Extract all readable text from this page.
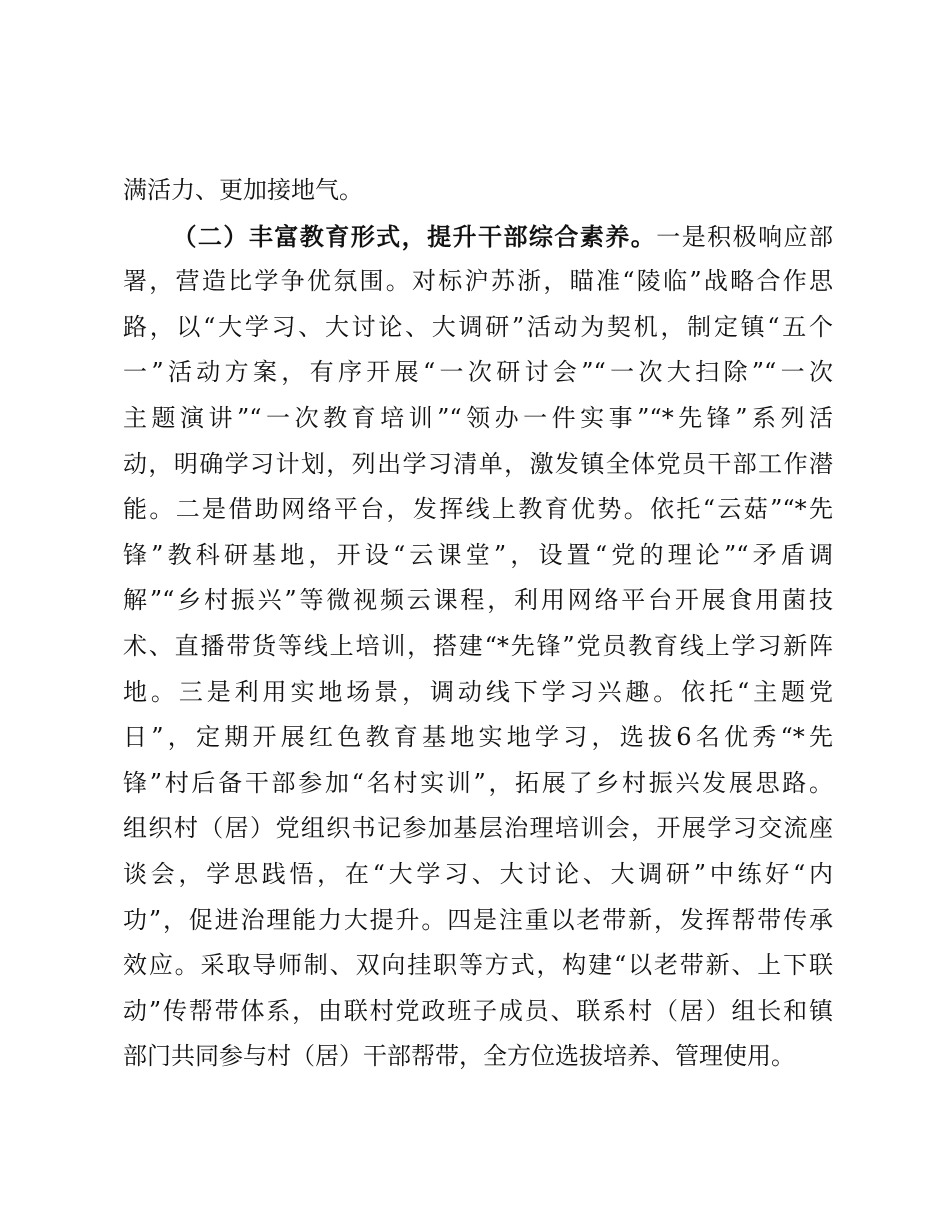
满活力、更加接地气。
（二）丰富教育形式，提升干部综合素养。一是积极响应部
署，营造比学争优氛围。对标沪苏浙，瞄准“陵临”战略合作思
路，以“大学习、大讨论、大调研”活动为契机，制定镇“五个
一”活动方案，有序开展“一次研讨会”“一次大扫除”“一次
主题演讲”“一次教育培训”“领办一件实事”“*先锋”系列活
动，明确学习计划，列出学习清单，激发镇全体党员干部工作潜
能。二是借助网络平台，发挥线上教育优势。依托“云菇”“*先
锋”教科研基地，开设“云课堂”，设置“党的理论”“矛盾调
解”“乡村振兴”等微视频云课程，利用网络平台开展食用菌技
术、直播带货等线上培训，搭建“*先锋”党员教育线上学习新阵
地。三是利用实地场景，调动线下学习兴趣。依托“主题党
日”，定期开展红色教育基地实地学习，选拔6名优秀“*先
锋”村后备干部参加“名村实训”，拓展了乡村振兴发展思路。
组织村（居）党组织书记参加基层治理培训会，开展学习交流座
谈会，学思践悟，在“大学习、大讨论、大调研”中练好“内
功”，促进治理能力大提升。四是注重以老带新，发挥帮带传承
效应。采取导师制、双向挂职等方式，构建“以老带新、上下联
动”传帮带体系，由联村党政班子成员、联系村（居）组长和镇
部门共同参与村（居）干部帮带，全方位选拔培养、管理使用。
